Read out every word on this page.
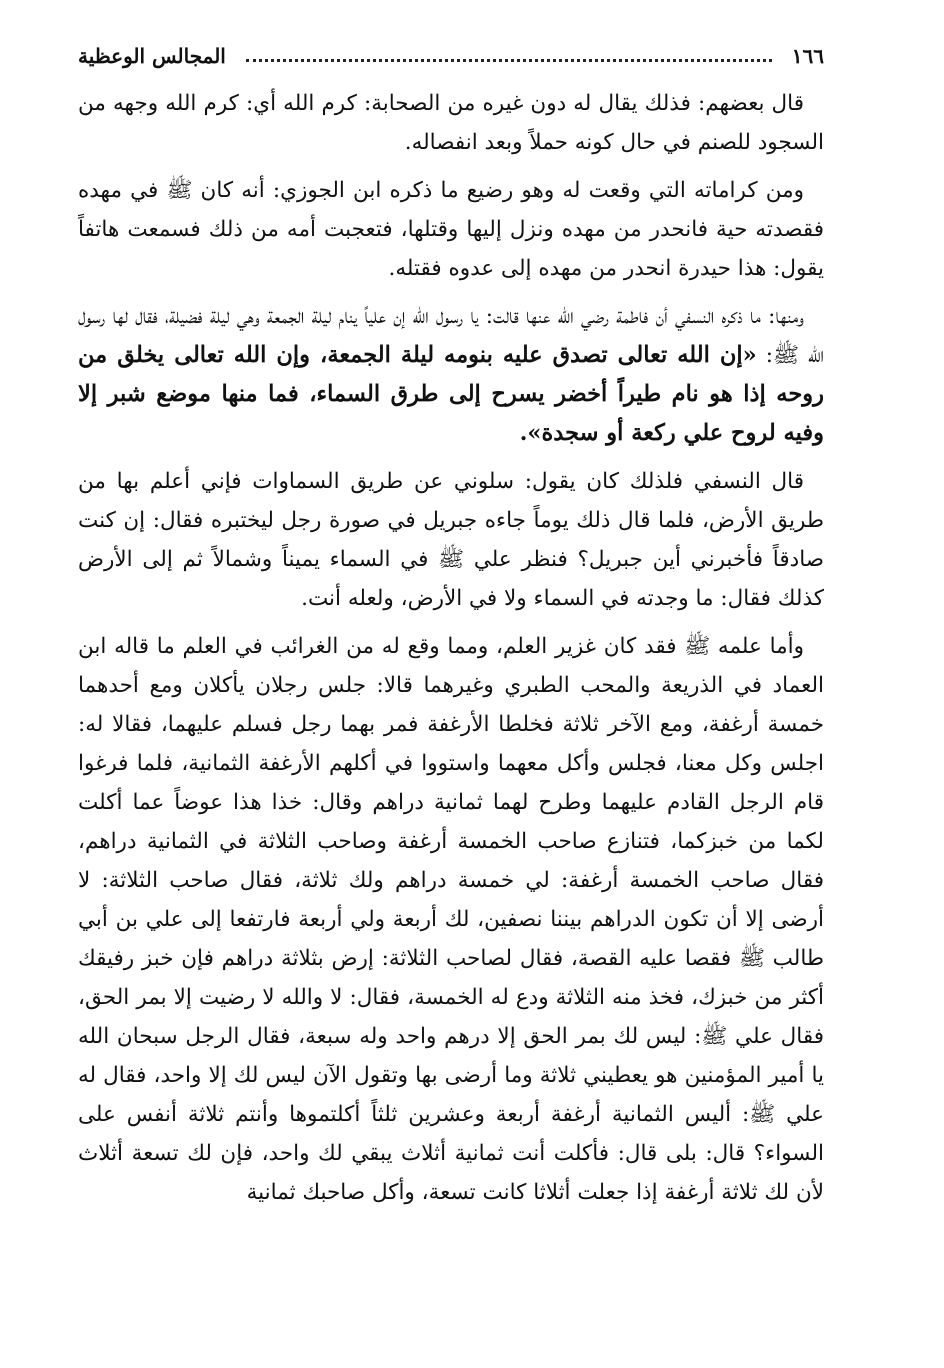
١٦٦
المجالس الوعظية

قال بعضهم: فذلك يقال له دون غيره من الصحابة: كرم الله أي: كرم الله وجهه من السجود للصنم في حال كونه حملاً وبعد انفصاله.

ومن كراماته التي وقعت له وهو رضيع ما ذكره ابن الجوزي: أنه كان ﷺ في مهده فقصدته حية فانحدر من مهده ونزل إليها وقتلها، فتعجبت أمه من ذلك فسمعت هاتفاً يقول: هذا حيدرة انحدر من مهده إلى عدوه فقتله.

ومنها: ما ذكره النسفي أن فاطمة رضي الله عنها قالت: يا رسول الله إن علياً ينام ليلة الجمعة وهي ليلة فضيلة، فقال لها رسول الله ﷺ: «إن الله تعالى تصدق عليه بنومه ليلة الجمعة، وإن الله تعالى يخلق من روحه إذا هو نام طيراً أخضر يسرح إلى طرق السماء، فما منها موضع شبر إلا وفيه لروح علي ركعة أو سجدة».

قال النسفي فلذلك كان يقول: سلوني عن طريق السماوات فإني أعلم بها من طريق الأرض، فلما قال ذلك يوماً جاءه جبريل في صورة رجل ليختبره فقال: إن كنت صادقاً فأخبرني أين جبريل؟ فنظر علي ﷺ في السماء يميناً وشمالاً ثم إلى الأرض كذلك فقال: ما وجدته في السماء ولا في الأرض، ولعله أنت.

وأما علمه ﷺ فقد كان غزير العلم، ومما وقع له من الغرائب في العلم ما قاله ابن العماد في الذريعة والمحب الطبري وغيرهما قالا: جلس رجلان يأكلان ومع أحدهما خمسة أرغفة، ومع الآخر ثلاثة فخلطا الأرغفة فمر بهما رجل فسلم عليهما، فقالا له: اجلس وكل معنا، فجلس وأكل معهما واستووا في أكلهم الأرغفة الثمانية، فلما فرغوا قام الرجل القادم عليهما وطرح لهما ثمانية دراهم وقال: خذا هذا عوضاً عما أكلت لكما من خبزكما، فتنازع صاحب الخمسة أرغفة وصاحب الثلاثة في الثمانية دراهم، فقال صاحب الخمسة أرغفة: لي خمسة دراهم ولك ثلاثة، فقال صاحب الثلاثة: لا أرضى إلا أن تكون الدراهم بيننا نصفين، لك أربعة ولي أربعة فارتفعا إلى علي بن أبي طالب ﷺ فقصا عليه القصة، فقال لصاحب الثلاثة: إرض بثلاثة دراهم فإن خبز رفيقك أكثر من خبزك، فخذ منه الثلاثة ودع له الخمسة، فقال: لا والله لا رضيت إلا بمر الحق، فقال علي ﷺ: ليس لك بمر الحق إلا درهم واحد وله سبعة، فقال الرجل سبحان الله يا أمير المؤمنين هو يعطيني ثلاثة وما أرضى بها وتقول الآن ليس لك إلا واحد، فقال له علي ﷺ: أليس الثمانية أرغفة أربعة وعشرين ثلثاً أكلتموها وأنتم ثلاثة أنفس على السواء؟ قال: بلى قال: فأكلت أنت ثمانية أثلاث يبقي لك واحد، فإن لك تسعة أثلاث لأن لك ثلاثة أرغفة إذا جعلت أثلاثا كانت تسعة، وأكل صاحبك ثمانية
